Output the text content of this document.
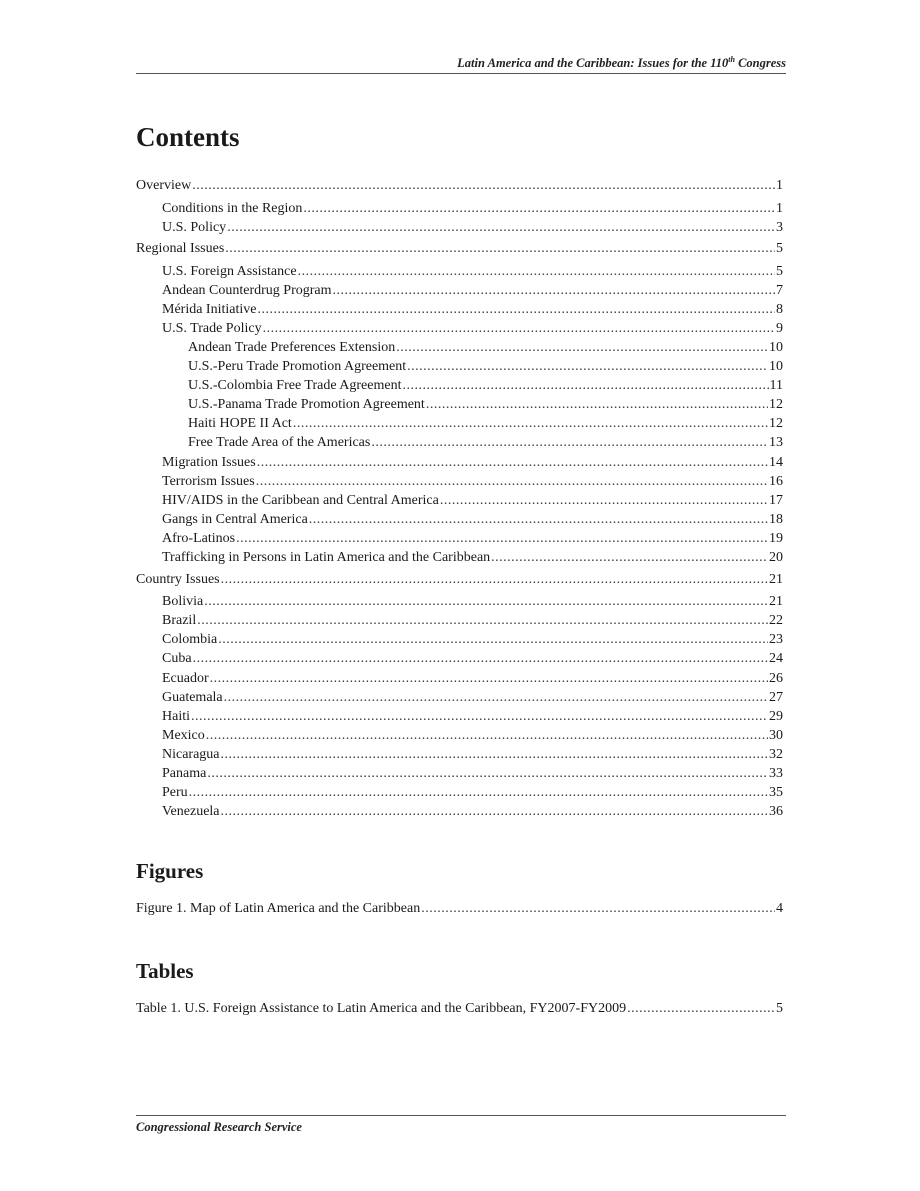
Latin America and the Caribbean: Issues for the 110th Congress
Contents
Overview .....	1
Conditions in the Region .....	1
U.S. Policy .....	3
Regional Issues .....	5
U.S. Foreign Assistance .....	5
Andean Counterdrug Program .....	7
Mérida Initiative .....	8
U.S. Trade Policy .....	9
Andean Trade Preferences Extension .....	10
U.S.-Peru Trade Promotion Agreement .....	10
U.S.-Colombia Free Trade Agreement .....	11
U.S.-Panama Trade Promotion Agreement .....	12
Haiti HOPE II Act .....	12
Free Trade Area of the Americas .....	13
Migration Issues .....	14
Terrorism Issues .....	16
HIV/AIDS in the Caribbean and Central America .....	17
Gangs in Central America .....	18
Afro-Latinos .....	19
Trafficking in Persons in Latin America and the Caribbean .....	20
Country Issues .....	21
Bolivia .....	21
Brazil .....	22
Colombia .....	23
Cuba .....	24
Ecuador .....	26
Guatemala .....	27
Haiti .....	29
Mexico .....	30
Nicaragua .....	32
Panama .....	33
Peru .....	35
Venezuela .....	36
Figures
Figure 1. Map of Latin America and the Caribbean .....	4
Tables
Table 1. U.S. Foreign Assistance to Latin America and the Caribbean, FY2007-FY2009 .....	5
Congressional Research Service
